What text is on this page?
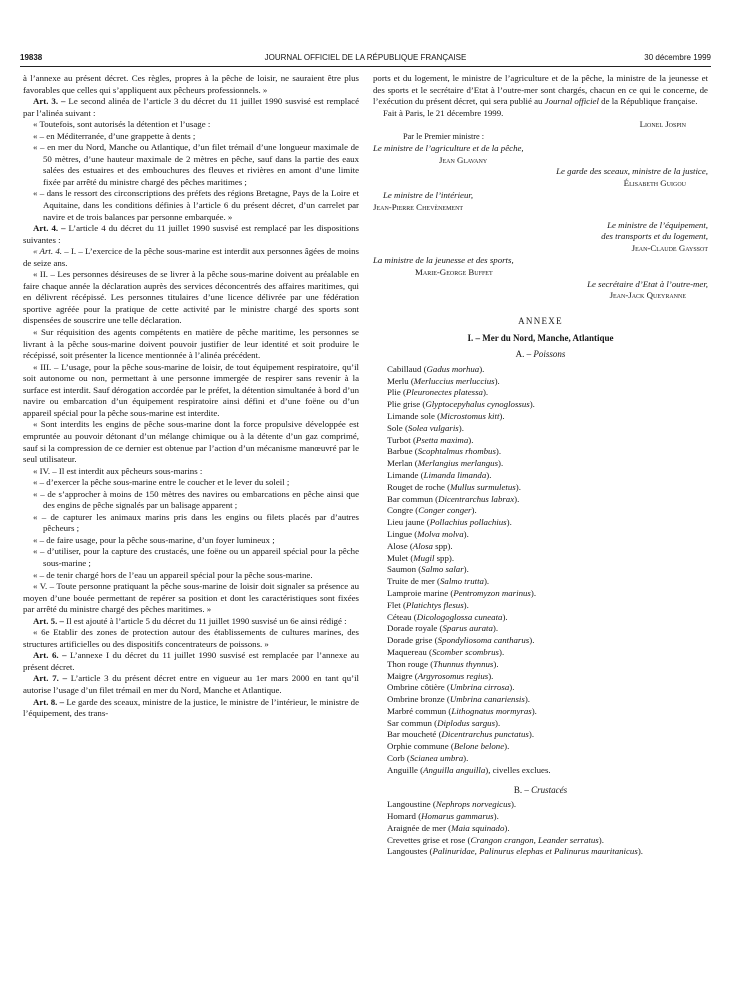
19838	JOURNAL OFFICIEL DE LA RÉPUBLIQUE FRANÇAISE	30 décembre 1999

à l’annexe au présent décret. Ces règles, propres à la pêche de loisir, ne sauraient être plus favorables que celles qui s’appliquent aux pêcheurs professionnels. »

Art. 3. – Le second alinéa de l’article 3 du décret du 11 juillet 1990 susvisé est remplacé par l’alinéa suivant :

« Toutefois, sont autorisés la détention et l’usage :

« – en Méditerranée, d’une grappette à dents ;

« – en mer du Nord, Manche ou Atlantique, d’un filet trémail d’une longueur maximale de 50 mètres, d’une hauteur maximale de 2 mètres en pêche, sauf dans la partie des eaux salées des estuaires et des embouchures des fleuves et rivières en amont d’une limite fixée par arrêté du ministre chargé des pêches maritimes ;

« – dans le ressort des circonscriptions des préfets des régions Bretagne, Pays de la Loire et Aquitaine, dans les conditions définies à l’article 6 du présent décret, d’un carrelet par navire et de trois balances par personne embarquée. »

Art. 4. – L’article 4 du décret du 11 juillet 1990 susvisé est remplacé par les dispositions suivantes :

« Art. 4. – I. – L’exercice de la pêche sous-marine est interdit aux personnes âgées de moins de seize ans.

« II. – Les personnes désireuses de se livrer à la pêche sous-marine doivent au préalable en faire chaque année la déclaration auprès des services déconcentrés des affaires maritimes, qui en délivrent récépissé. Les personnes titulaires d’une licence délivrée par une fédération sportive agréée pour la pratique de cette activité par le ministre chargé des sports sont dispensées de souscrire une telle déclaration.

« Sur réquisition des agents compétents en matière de pêche maritime, les personnes se livrant à la pêche sous-marine doivent pouvoir justifier de leur identité et soit produire le récépissé, soit présenter la licence mentionnée à l’alinéa précédent.

« III. – L’usage, pour la pêche sous-marine de loisir, de tout équipement respiratoire, qu’il soit autonome ou non, permettant à une personne immergée de respirer sans revenir à la surface est interdit. Sauf dérogation accordée par le préfet, la détention simultanée à bord d’un navire ou embarcation d’un équipement respiratoire ainsi défini et d’une foëne ou d’un appareil spécial pour la pêche sous-marine est interdite.

« Sont interdits les engins de pêche sous-marine dont la force propulsive développée est empruntée au pouvoir détonant d’un mélange chimique ou à la détente d’un gaz comprimé, sauf si la compression de ce dernier est obtenue par l’action d’un mécanisme manœuvré par le seul utilisateur.

« IV. – Il est interdit aux pêcheurs sous-marins :

« – d’exercer la pêche sous-marine entre le coucher et le lever du soleil ;

« – de s’approcher à moins de 150 mètres des navires ou embarcations en pêche ainsi que des engins de pêche signalés par un balisage apparent ;

« – de capturer les animaux marins pris dans les engins ou filets placés par d’autres pêcheurs ;

« – de faire usage, pour la pêche sous-marine, d’un foyer lumineux ;

« – d’utiliser, pour la capture des crustacés, une foëne ou un appareil spécial pour la pêche sous-marine ;

« – de tenir chargé hors de l’eau un appareil spécial pour la pêche sous-marine.

« V. – Toute personne pratiquant la pêche sous-marine de loisir doit signaler sa présence au moyen d’une bouée permettant de repérer sa position et dont les caractéristiques sont fixées par arrêté du ministre chargé des pêches maritimes. »

Art. 5. – Il est ajouté à l’article 5 du décret du 11 juillet 1990 susvisé un 6e ainsi rédigé :

« 6e Etablir des zones de protection autour des établissements de cultures marines, des structures artificielles ou des dispositifs concentrateurs de poissons. »

Art. 6. – L’annexe I du décret du 11 juillet 1990 susvisé est remplacée par l’annexe au présent décret.

Art. 7. – L’article 3 du présent décret entre en vigueur au 1er mars 2000 en tant qu’il autorise l’usage d’un filet trémail en mer du Nord, Manche et Atlantique.

Art. 8. – Le garde des sceaux, ministre de la justice, le ministre de l’intérieur, le ministre de l’équipement, des trans-

ports et du logement, le ministre de l’agriculture et de la pêche, la ministre de la jeunesse et des sports et le secrétaire d’Etat à l’outre-mer sont chargés, chacun en ce qui le concerne, de l’exécution du présent décret, qui sera publié au Journal officiel de la République française.

Fait à Paris, le 21 décembre 1999.

Lionel Jospin

Par le Premier ministre :

Le ministre de l’agriculture et de la pêche,

Jean Glavany

Le garde des sceaux, ministre de la justice,

Élisabeth Guigou

Le ministre de l’intérieur,

Jean-Pierre Chevènement

Le ministre de l’équipement,

des transports et du logement,

Jean-Claude Gayssot

La ministre de la jeunesse et des sports,

Marie-George Buffet

Le secrétaire d’Etat à l’outre-mer,

Jean-Jack Queyranne

ANNEXE

I. – Mer du Nord, Manche, Atlantique

A. – Poissons

Cabillaud (Gadus morhua).
Merlu (Merluccius merluccius).
Plie (Pleuronectes platessa).
Plie grise (Glyptocepyhalus cynoglossus).
Limande sole (Microstomus kitt).
Sole (Solea vulgaris).
Turbot (Psetta maxima).
Barbue (Scophtalmus rhombus).
Merlan (Merlangius merlangus).
Limande (Limanda limanda).
Rouget de roche (Mullus surmuletus).
Bar commun (Dicentrarchus labrax).
Congre (Conger conger).
Lieu jaune (Pollachius pollachius).
Lingue (Molva molva).
Alose (Alosa spp).
Mulet (Mugil spp).
Saumon (Salmo salar).
Truite de mer (Salmo trutta).
Lamproie marine (Pentromyzon marinus).
Flet (Platichtys flesus).
Céteau (Dicologoglossa cuneata).
Dorade royale (Sparus aurata).
Dorade grise (Spondyliosoma cantharus).
Maquereau (Scomber scombrus).
Thon rouge (Thunnus thynnus).
Maigre (Argyrosomus regius).
Ombrine côtière (Umbrina cirrosa).
Ombrine bronze (Umbrina canariensis).
Marbré commun (Lithognatus mormyras).
Sar commun (Diplodus sargus).
Bar moucheté (Dicentrarchus punctatus).
Orphie commune (Belone belone).
Corb (Scianea umbra).
Anguille (Anguilla anguilla), civelles exclues.

B. – Crustacés

Langoustine (Nephrops norvegicus).
Homard (Homarus gammarus).
Araignée de mer (Maia squinado).
Crevettes grise et rose (Crangon crangon, Leander serratus).
Langoustes (Palinuridae, Palinurus elephas et Palinurus mauritanicus).
